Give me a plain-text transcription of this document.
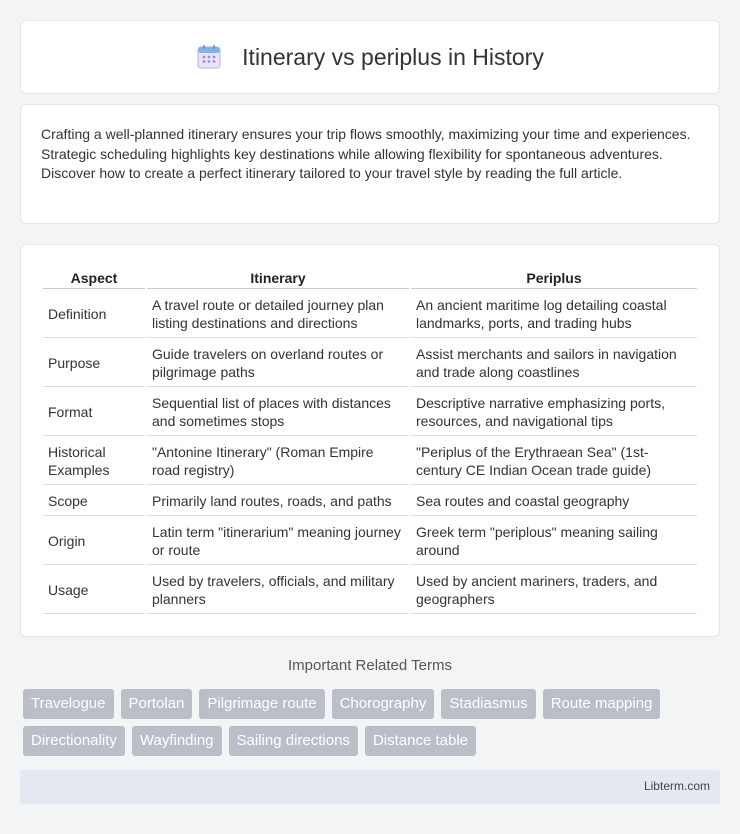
Itinerary vs periplus in History

Crafting a well-planned itinerary ensures your trip flows smoothly, maximizing your time and experiences. Strategic scheduling highlights key destinations while allowing flexibility for spontaneous adventures. Discover how to create a perfect itinerary tailored to your travel style by reading the full article.

Aspect	Itinerary	Periplus
Definition	A travel route or detailed journey plan listing destinations and directions	An ancient maritime log detailing coastal landmarks, ports, and trading hubs
Purpose	Guide travelers on overland routes or pilgrimage paths	Assist merchants and sailors in navigation and trade along coastlines
Format	Sequential list of places with distances and sometimes stops	Descriptive narrative emphasizing ports, resources, and navigational tips
Historical Examples	"Antonine Itinerary" (Roman Empire road registry)	"Periplus of the Erythraean Sea" (1st-century CE Indian Ocean trade guide)
Scope	Primarily land routes, roads, and paths	Sea routes and coastal geography
Origin	Latin term "itinerarium" meaning journey or route	Greek term "periplous" meaning sailing around
Usage	Used by travelers, officials, and military planners	Used by ancient mariners, traders, and geographers
Important Related Terms
Travelogue	Portolan	Pilgrimage route	Chorography	Stadiasmus	Route mapping
Directionality	Wayfinding	Sailing directions	Distance table
Libterm.com
